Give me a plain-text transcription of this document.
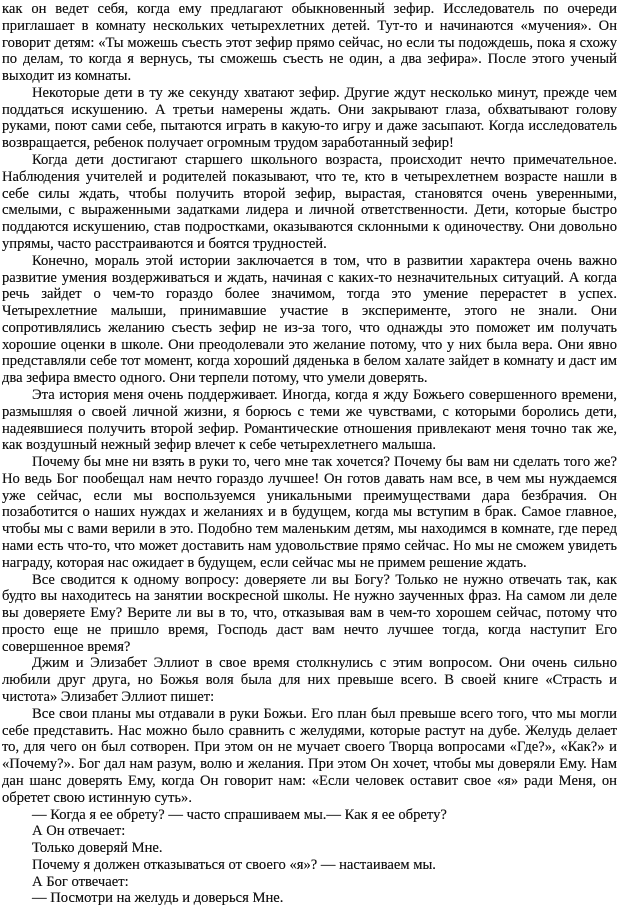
как он ведет себя, когда ему предлагают обыкновенный зефир. Исследователь по очереди приглашает в комнату нескольких четырехлетних детей. Тут-то и начинаются «мучения». Он говорит детям: «Ты можешь съесть этот зефир прямо сейчас, но если ты подождешь, пока я схожу по делам, то когда я вернусь, ты сможешь съесть не один, а два зефира». После этого ученый выходит из комнаты.

Некоторые дети в ту же секунду хватают зефир. Другие ждут несколько минут, прежде чем поддаться искушению. А третьи намерены ждать. Они закрывают глаза, обхватывают голову руками, поют сами себе, пытаются играть в какую-то игру и даже засыпают. Когда исследователь возвращается, ребенок получает огромным трудом заработанный зефир!

Когда дети достигают старшего школьного возраста, происходит нечто примечательное. Наблюдения учителей и родителей показывают, что те, кто в четырехлетнем возрасте нашли в себе силы ждать, чтобы получить второй зефир, вырастая, становятся очень уверенными, смелыми, с выраженными задатками лидера и личной ответственности. Дети, которые быстро поддаются искушению, став подростками, оказываются склонными к одиночеству. Они довольно упрямы, часто расстраиваются и боятся трудностей.

Конечно, мораль этой истории заключается в том, что в развитии характера очень важно развитие умения воздерживаться и ждать, начиная с каких-то незначительных ситуаций. А когда речь зайдет о чем-то гораздо более значимом, тогда это умение перерастет в успех. Четырехлетние малыши, принимавшие участие в эксперименте, этого не знали. Они сопротивлялись желанию съесть зефир не из-за того, что однажды это поможет им получать хорошие оценки в школе. Они преодолевали это желание потому, что у них была вера. Они явно представляли себе тот момент, когда хороший дяденька в белом халате зайдет в комнату и даст им два зефира вместо одного. Они терпели потому, что умели доверять.

Эта история меня очень поддерживает. Иногда, когда я жду Божьего совершенного времени, размышляя о своей личной жизни, я борюсь с теми же чувствами, с которыми боролись дети, надеявшиеся получить второй зефир. Романтические отношения привлекают меня точно так же, как воздушный нежный зефир влечет к себе четырехлетнего малыша.

Почему бы мне ни взять в руки то, чего мне так хочется? Почему бы вам ни сделать того же? Но ведь Бог пообещал нам нечто гораздо лучшее! Он готов давать нам все, в чем мы нуждаемся уже сейчас, если мы воспользуемся уникальными преимуществами дара безбрачия. Он позаботится о наших нуждах и желаниях и в будущем, когда мы вступим в брак. Самое главное, чтобы мы с вами верили в это. Подобно тем маленьким детям, мы находимся в комнате, где перед нами есть что-то, что может доставить нам удовольствие прямо сейчас. Но мы не сможем увидеть награду, которая нас ожидает в будущем, если сейчас мы не примем решение ждать.

Все сводится к одному вопросу: доверяете ли вы Богу? Только не нужно отвечать так, как будто вы находитесь на занятии воскресной школы. Не нужно заученных фраз. На самом ли деле вы доверяете Ему? Верите ли вы в то, что, отказывая вам в чем-то хорошем сейчас, потому что просто еще не пришло время, Господь даст вам нечто лучшее тогда, когда наступит Его совершенное время?

Джим и Элизабет Эллиот в свое время столкнулись с этим вопросом. Они очень сильно любили друг друга, но Божья воля была для них превыше всего. В своей книге «Страсть и чистота» Элизабет Эллиот пишет:

Все свои планы мы отдавали в руки Божьи. Его план был превыше всего того, что мы могли себе представить. Нас можно было сравнить с желудями, которые растут на дубе. Желудь делает то, для чего он был сотворен. При этом он не мучает своего Творца вопросами «Где?», «Как?» и «Почему?». Бог дал нам разум, волю и желания. При этом Он хочет, чтобы мы доверяли Ему. Нам дан шанс доверять Ему, когда Он говорит нам: «Если человек оставит свое «я» ради Меня, он обретет свою истинную суть».

— Когда я ее обрету? — часто спрашиваем мы.— Как я ее обрету?

А Он отвечает:

Только доверяй Мне.

Почему я должен отказываться от своего «я»? — настаиваем мы.

А Бог отвечает:

— Посмотри на желудь и доверься Мне.
